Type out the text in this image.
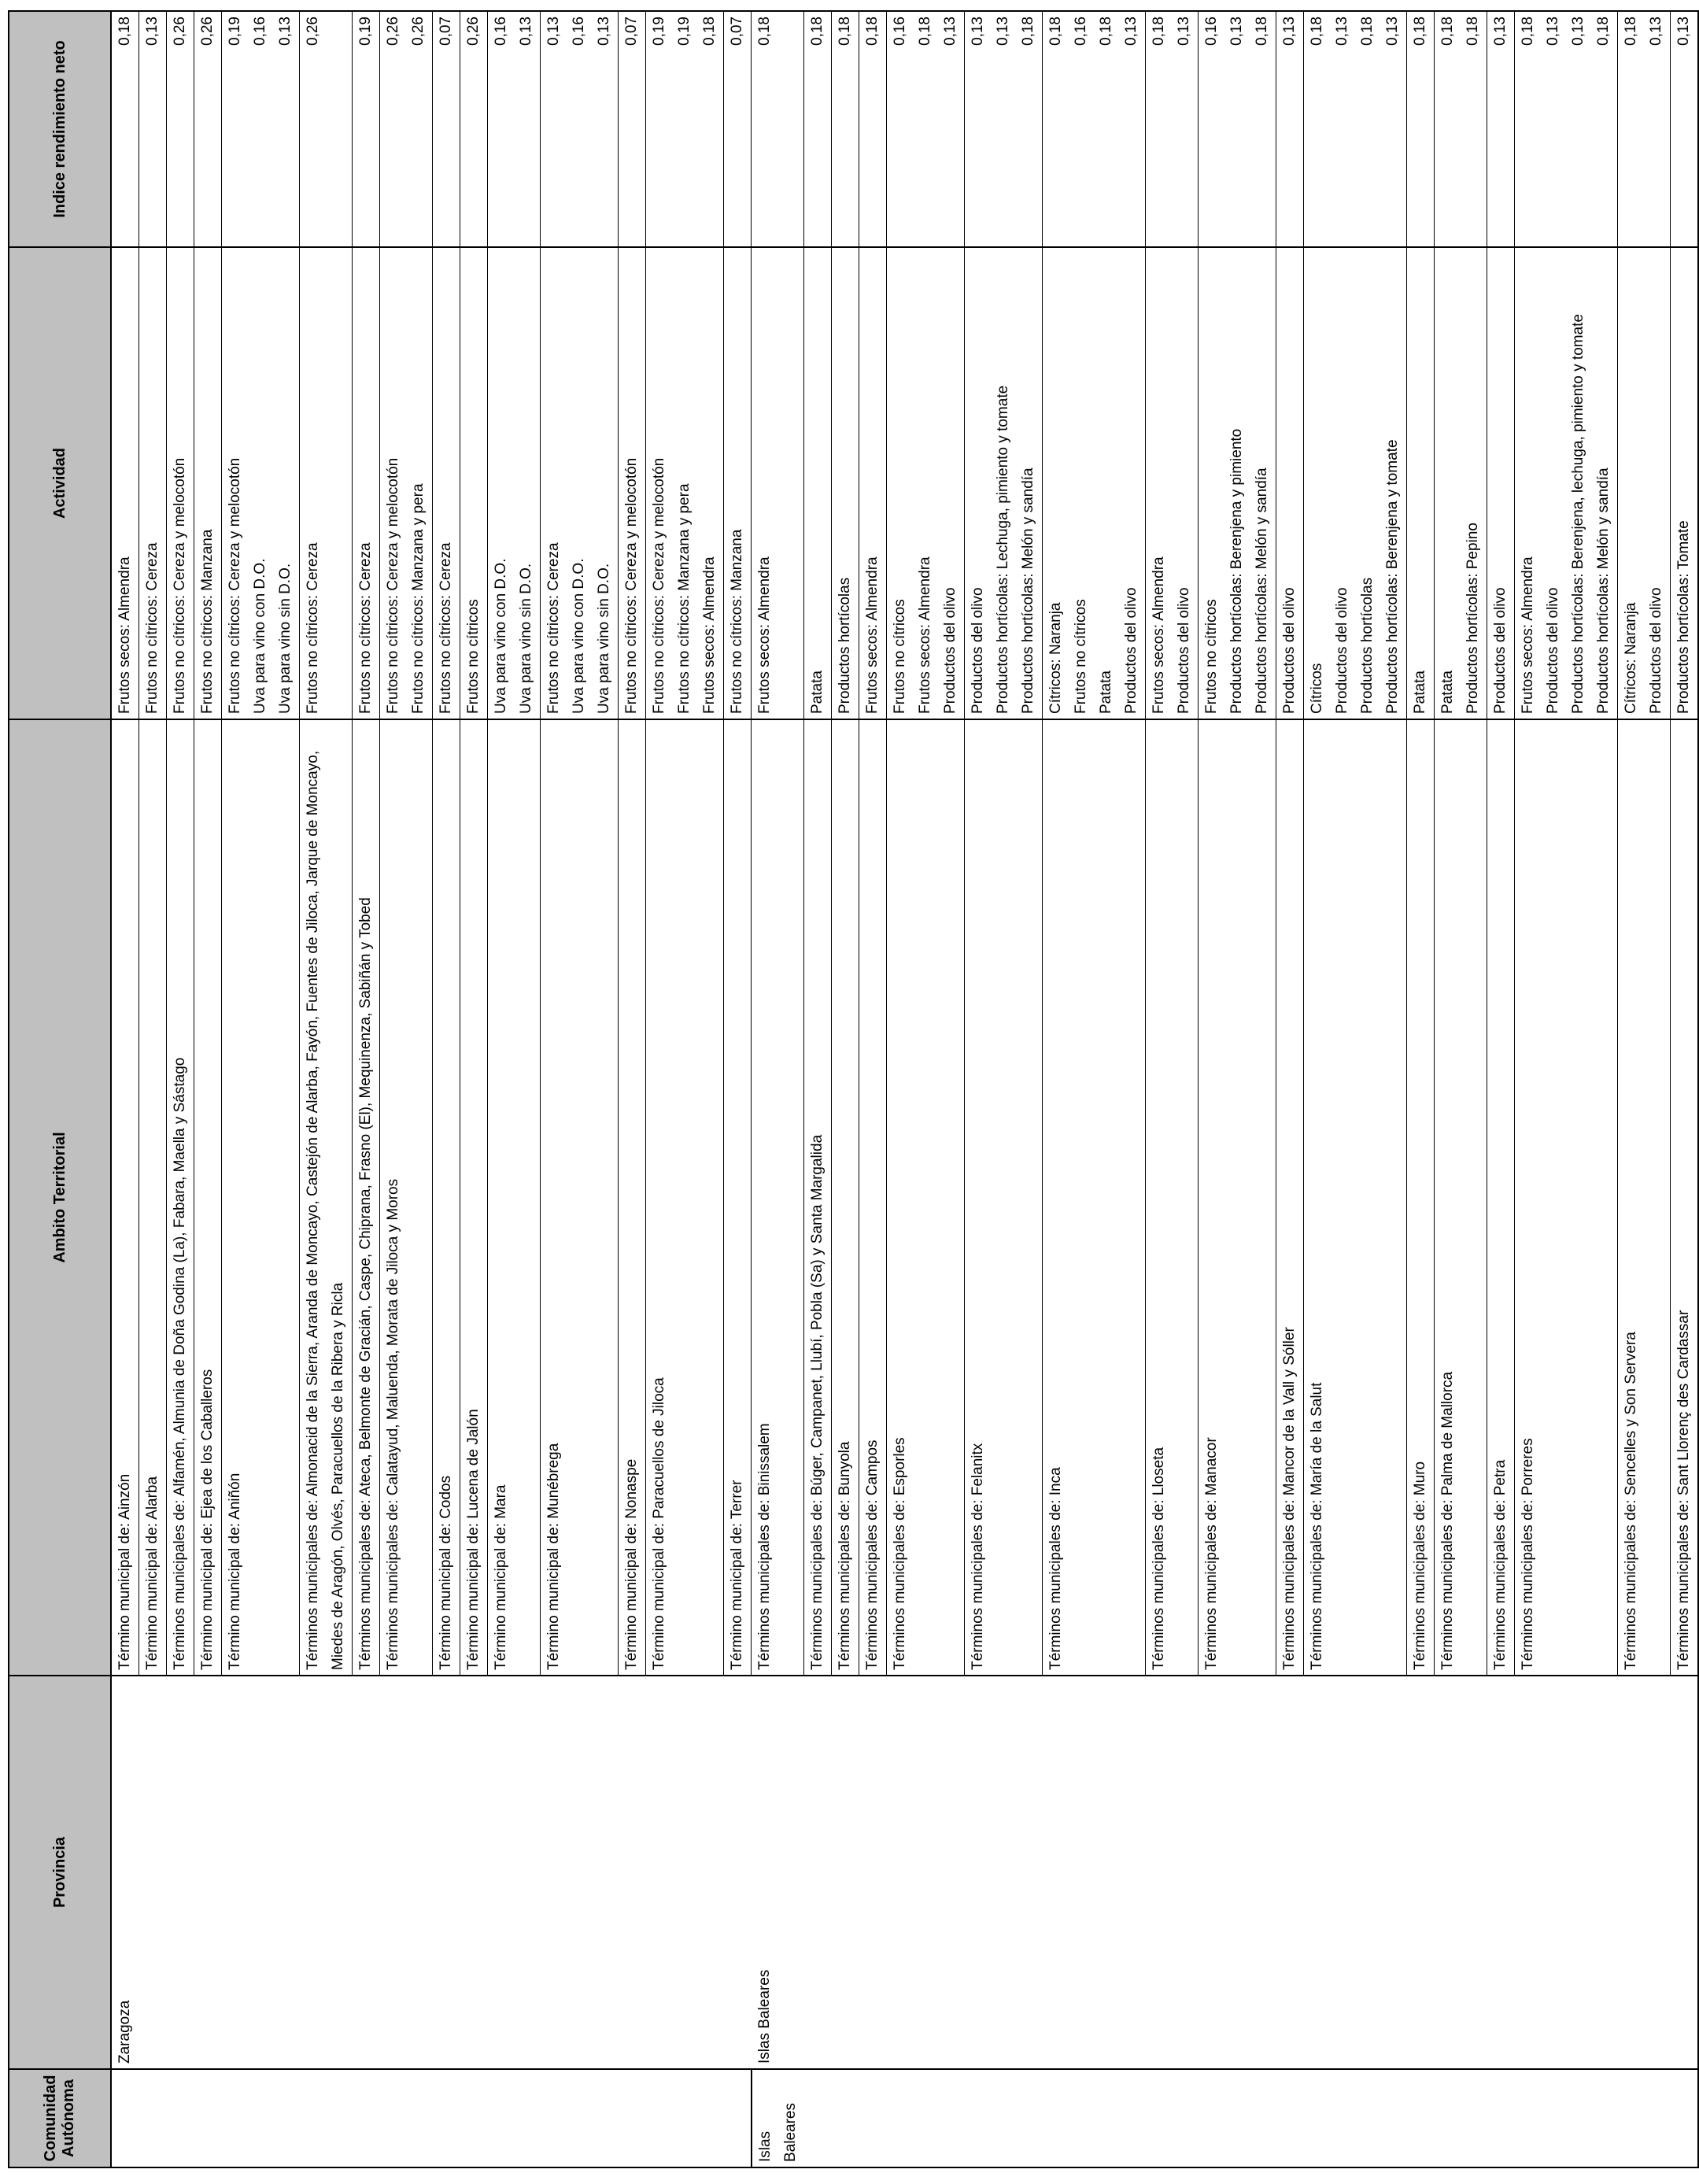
Comunidad Autónoma	Provincia	Ambito Territorial	Actividad	Indice rendimiento neto
	Zaragoza	Término municipal de: Ainzón	Frutos secos: Almendra	0,18

		Término municipal de: Alarba	Frutos no cítricos: Cereza	0,13

		Términos municipales de: Alfamén, Almunia de Doña Godina (La), Fabara, Maella y Sástago	Frutos no cítricos: Cereza y melocotón	0,26

		Término municipal de: Ejea de los Caballeros	Frutos no cítricos: Manzana	0,26

		Término municipal de: Aniñón	Frutos no cítricos: Cereza y melocotón Uva para vino con D.O. Uva para vino sin D.O.	0,19 0,16 0,13

		Términos municipales de: Almonacid de la Sierra, Aranda de Moncayo, Castejón de Alarba, Fayón, Fuentes de Jiloca, Jarque de Moncayo, Miedes de Aragón, Olvés, Paracuellos de la Ribera y Ricla	Frutos no cítricos: Cereza	0,26

		Términos municipales de: Ateca, Belmonte de Gracián, Caspe, Chiprana, Frasno (El), Mequinenza, Sabiñán y Tobed	Frutos no cítricos: Cereza	0,19

		Términos municipales de: Calatayud, Maluenda, Morata de Jiloca y Moros	Frutos no cítricos: Cereza y melocotón Frutos no cítricos: Manzana y pera	0,26 0,26

		Término municipal de: Codos	Frutos no cítricos: Cereza	0,07

		Término municipal de: Lucena de Jalón	Frutos no cítricos	0,26

		Término municipal de: Mara	Uva para vino con D.O. Uva para vino sin D.O.	0,16 0,13

		Término municipal de: Munébrega	Frutos no cítricos: Cereza Uva para vino con D.O. Uva para vino sin D.O.	0,13 0,16 0,13

		Término municipal de: Nonaspe	Frutos no cítricos: Cereza y melocotón	0,07

		Término municipal de: Paracuellos de Jiloca	Frutos no cítricos: Cereza y melocotón Frutos no cítricos: Manzana y pera Frutos secos: Almendra	0,19 0,19 0,18

		Término municipal de: Terrer	Frutos no cítricos: Manzana	0,07

Islas Baleares	Islas Baleares	Términos municipales de: Binissalem	Frutos secos: Almendra	0,18

		Términos municipales de: Búger, Campanet, Llubí, Pobla (Sa) y Santa Margalida	Patata	0,18

		Términos municipales de: Bunyola	Productos hortícolas	0,18

		Términos municipales de: Campos	Frutos secos: Almendra	0,18

		Términos municipales de: Esporles	Frutos no cítricos Frutos secos: Almendra Productos del olivo	0,16 0,18 0,13

		Términos municipales de: Felanitx	Productos del olivo Productos hortícolas: Lechuga, pimiento y tomate Productos hortícolas: Melón y sandía	0,13 0,13 0,18

		Términos municipales de: Inca	Cítricos: Naranja Frutos no cítricos Patata Productos del olivo	0,18 0,16 0,18 0,13

		Términos municipales de: Lloseta	Frutos secos: Almendra Productos del olivo	0,18 0,13

		Términos municipales de: Manacor	Frutos no cítricos Productos hortícolas: Berenjena y pimiento Productos hortícolas: Melón y sandía	0,16 0,13 0,18

		Términos municipales de: Mancor de la Vall y Sóller	Productos del olivo	0,13

		Términos municipales de: María de la Salut	Cítricos Productos del olivo Productos hortícolas Productos hortícolas: Berenjena y tomate	0,18 0,13 0,18 0,13

		Términos municipales de: Muro	Patata	0,18

		Términos municipales de: Palma de Mallorca	Patata Productos hortícolas: Pepino	0,18 0,18

		Términos municipales de: Petra	Productos del olivo	0,13

		Términos municipales de: Porreres	Frutos secos: Almendra Productos del olivo Productos hortícolas: Berenjena, lechuga, pimiento y tomate Productos hortícolas: Melón y sandía	0,18 0,13 0,13 0,18

		Términos municipales de: Sencelles y Son Servera	Cítricos: Naranja Productos del olivo	0,18 0,13

		Términos municipales de: Sant Llorenç des Cardassar	Productos hortícolas: Tomate	0,13
